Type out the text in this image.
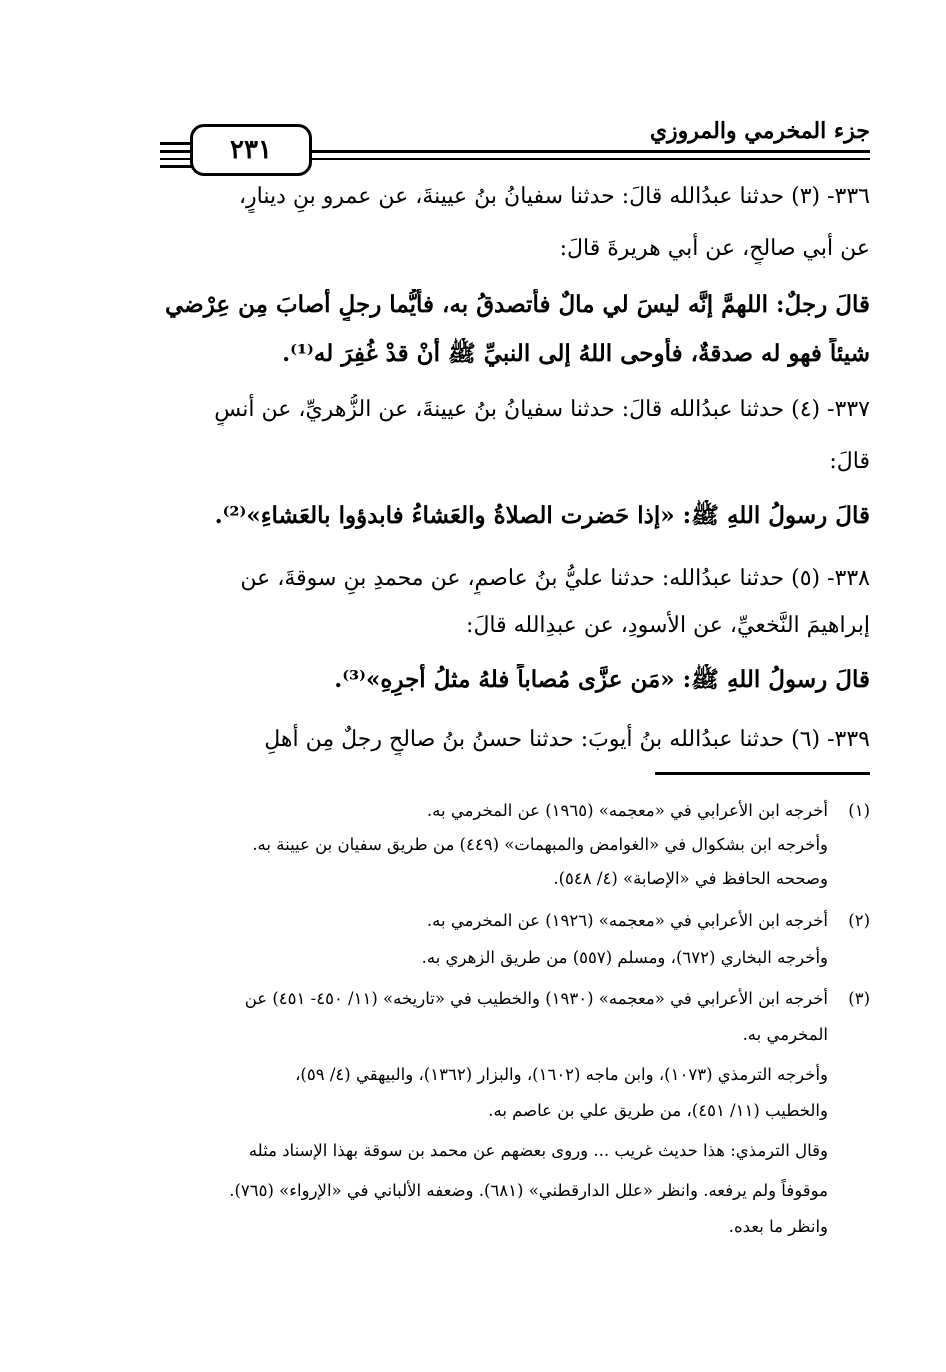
٢٣١
جزء المخرمي والمروزي
٣٣٦- (٣) حدثنا عبدُالله قالَ: حدثنا سفيانُ بنُ عيينةَ، عن عمرو بنِ دينارٍ،
عن أبي صالحٍ، عن أبي هريرةَ قالَ:
قالَ رجلٌ: اللهمَّ إنَّه ليسَ لي مالٌ فأتصدقُ به، فأيُّما رجلٍ أصابَ مِن عِرْضي
شيئاً فهو له صدقةٌ، فأوحى اللهُ إلى النبيِّ ﷺ أنْ قدْ غُفِرَ له⁽¹⁾.
٣٣٧- (٤) حدثنا عبدُالله قالَ: حدثنا سفيانُ بنُ عيينةَ، عن الزُّهريِّ، عن أنسٍ
قالَ:
قالَ رسولُ اللهِ ﷺ: «إذا حَضرت الصلاةُ والعَشاءُ فابدؤوا بالعَشاءِ»⁽²⁾.
٣٣٨- (٥) حدثنا عبدُالله: حدثنا عليُّ بنُ عاصمٍ، عن محمدِ بنِ سوقةَ، عن
إبراهيمَ النَّخعيِّ، عن الأسودِ، عن عبدِالله قالَ:
قالَ رسولُ اللهِ ﷺ: «مَن عزَّى مُصاباً فلهُ مثلُ أجرِهِ»⁽³⁾.
٣٣٩- (٦) حدثنا عبدُالله بنُ أيوبَ: حدثنا حسنُ بنُ صالحٍ رجلٌ مِن أهلِ
(١)
أخرجه ابن الأعرابي في «معجمه» (١٩٦٥) عن المخرمي به.
وأخرجه ابن بشكوال في «الغوامض والمبهمات» (٤٤٩) من طريق سفيان بن عيينة به.
وصححه الحافظ في «الإصابة» (٤/ ٥٤٨).
(٢)
أخرجه ابن الأعرابي في «معجمه» (١٩٢٦) عن المخرمي به.
وأخرجه البخاري (٦٧٢)، ومسلم (٥٥٧) من طريق الزهري به.
(٣)
أخرجه ابن الأعرابي في «معجمه» (١٩٣٠) والخطيب في «تاريخه» (١١/ ٤٥٠- ٤٥١) عن
المخرمي به.
وأخرجه الترمذي (١٠٧٣)، وابن ماجه (١٦٠٢)، والبزار (١٣٦٢)، والبيهقي (٤/ ٥٩)،
والخطيب (١١/ ٤٥١)، من طريق علي بن عاصم به.
وقال الترمذي: هذا حديث غريب ... وروى بعضهم عن محمد بن سوقة بهذا الإسناد مثله
موقوفاً ولم يرفعه. وانظر «علل الدارقطني» (٦٨١). وضعفه الألباني في «الإرواء» (٧٦٥).
وانظر ما بعده.
